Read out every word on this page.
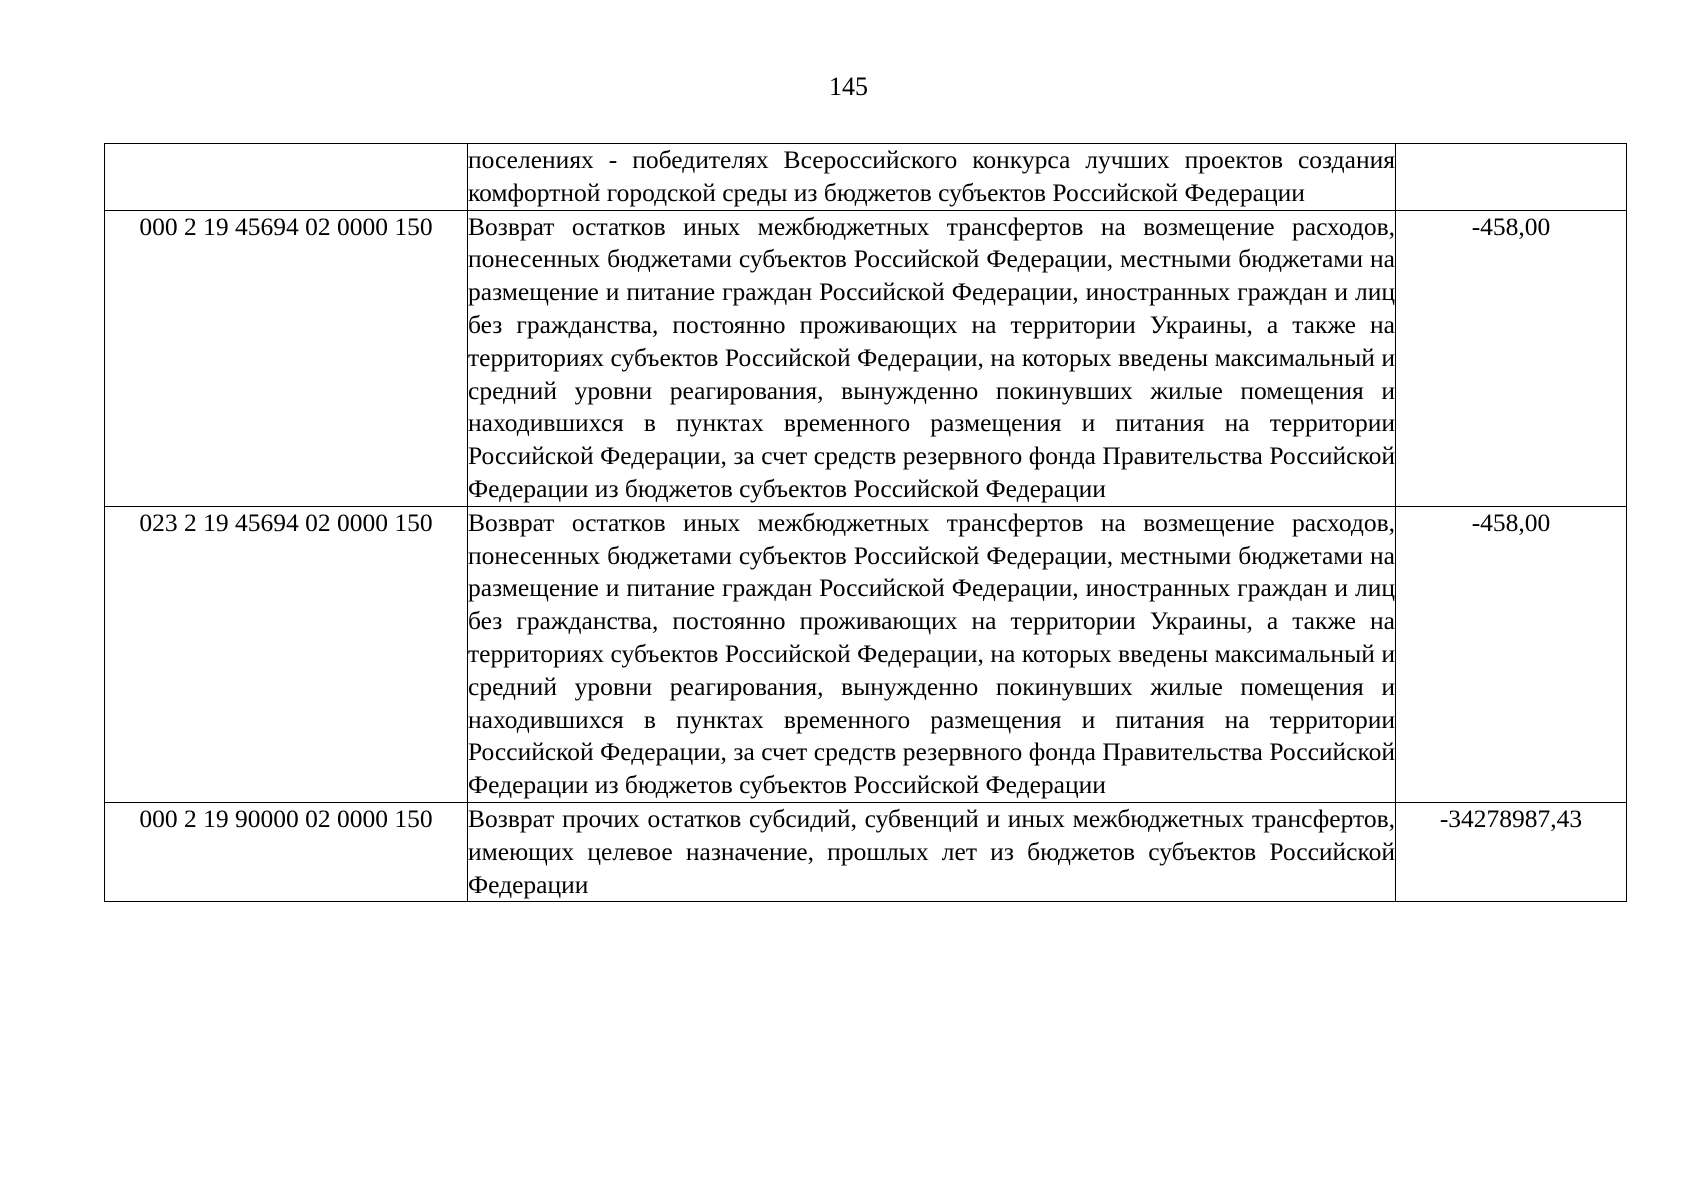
145
	поселениях - победителях Всероссийского конкурса лучших проектов создания комфортной городской среды из бюджетов субъектов Российской Федерации	
000 2 19 45694 02 0000 150	Возврат остатков иных межбюджетных трансфертов на возмещение расходов, понесенных бюджетами субъектов Российской Федерации, местными бюджетами на размещение и питание граждан Российской Федерации, иностранных граждан и лиц без гражданства, постоянно проживающих на территории Украины, а также на территориях субъектов Российской Федерации, на которых введены максимальный и средний уровни реагирования, вынужденно покинувших жилые помещения и находившихся в пунктах временного размещения и питания на территории Российской Федерации, за счет средств резервного фонда Правительства Российской Федерации из бюджетов субъектов Российской Федерации	-458,00
023 2 19 45694 02 0000 150	Возврат остатков иных межбюджетных трансфертов на возмещение расходов, понесенных бюджетами субъектов Российской Федерации, местными бюджетами на размещение и питание граждан Российской Федерации, иностранных граждан и лиц без гражданства, постоянно проживающих на территории Украины, а также на территориях субъектов Российской Федерации, на которых введены максимальный и средний уровни реагирования, вынужденно покинувших жилые помещения и находившихся в пунктах временного размещения и питания на территории Российской Федерации, за счет средств резервного фонда Правительства Российской Федерации из бюджетов субъектов Российской Федерации	-458,00
000 2 19 90000 02 0000 150	Возврат прочих остатков субсидий, субвенций и иных межбюджетных трансфертов, имеющих целевое назначение, прошлых лет из бюджетов субъектов Российской Федерации	-34278987,43
